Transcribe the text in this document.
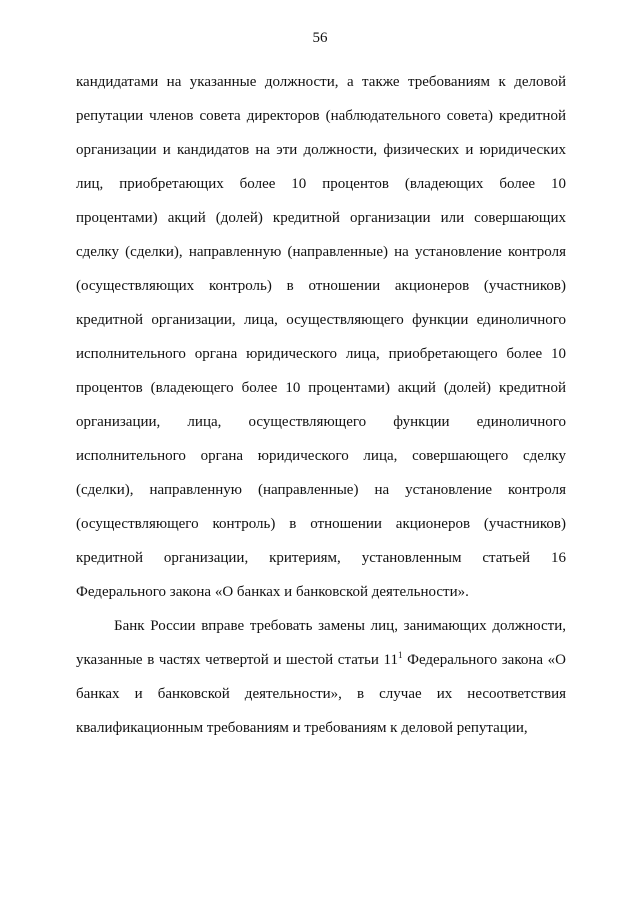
56

кандидатами на указанные должности, а также требованиям к деловой репутации членов совета директоров (наблюдательного совета) кредитной организации и кандидатов на эти должности, физических и юридических лиц, приобретающих более 10 процентов (владеющих более 10 процентами) акций (долей) кредитной организации или совершающих сделку (сделки), направленную (направленные) на установление контроля (осуществляющих контроль) в отношении акционеров (участников) кредитной организации, лица, осуществляющего функции единоличного исполнительного органа юридического лица, приобретающего более 10 процентов (владеющего более 10 процентами) акций (долей) кредитной организации, лица, осуществляющего функции единоличного исполнительного органа юридического лица, совершающего сделку (сделки), направленную (направленные) на установление контроля (осуществляющего контроль) в отношении акционеров (участников) кредитной организации, критериям, установленным статьей 16 Федерального закона «О банках и банковской деятельности».

Банк России вправе требовать замены лиц, занимающих должности, указанные в частях четвертой и шестой статьи $11^1$ Федерального закона «О банках и банковской деятельности», в случае их несоответствия квалификационным требованиям и требованиям к деловой репутации,
